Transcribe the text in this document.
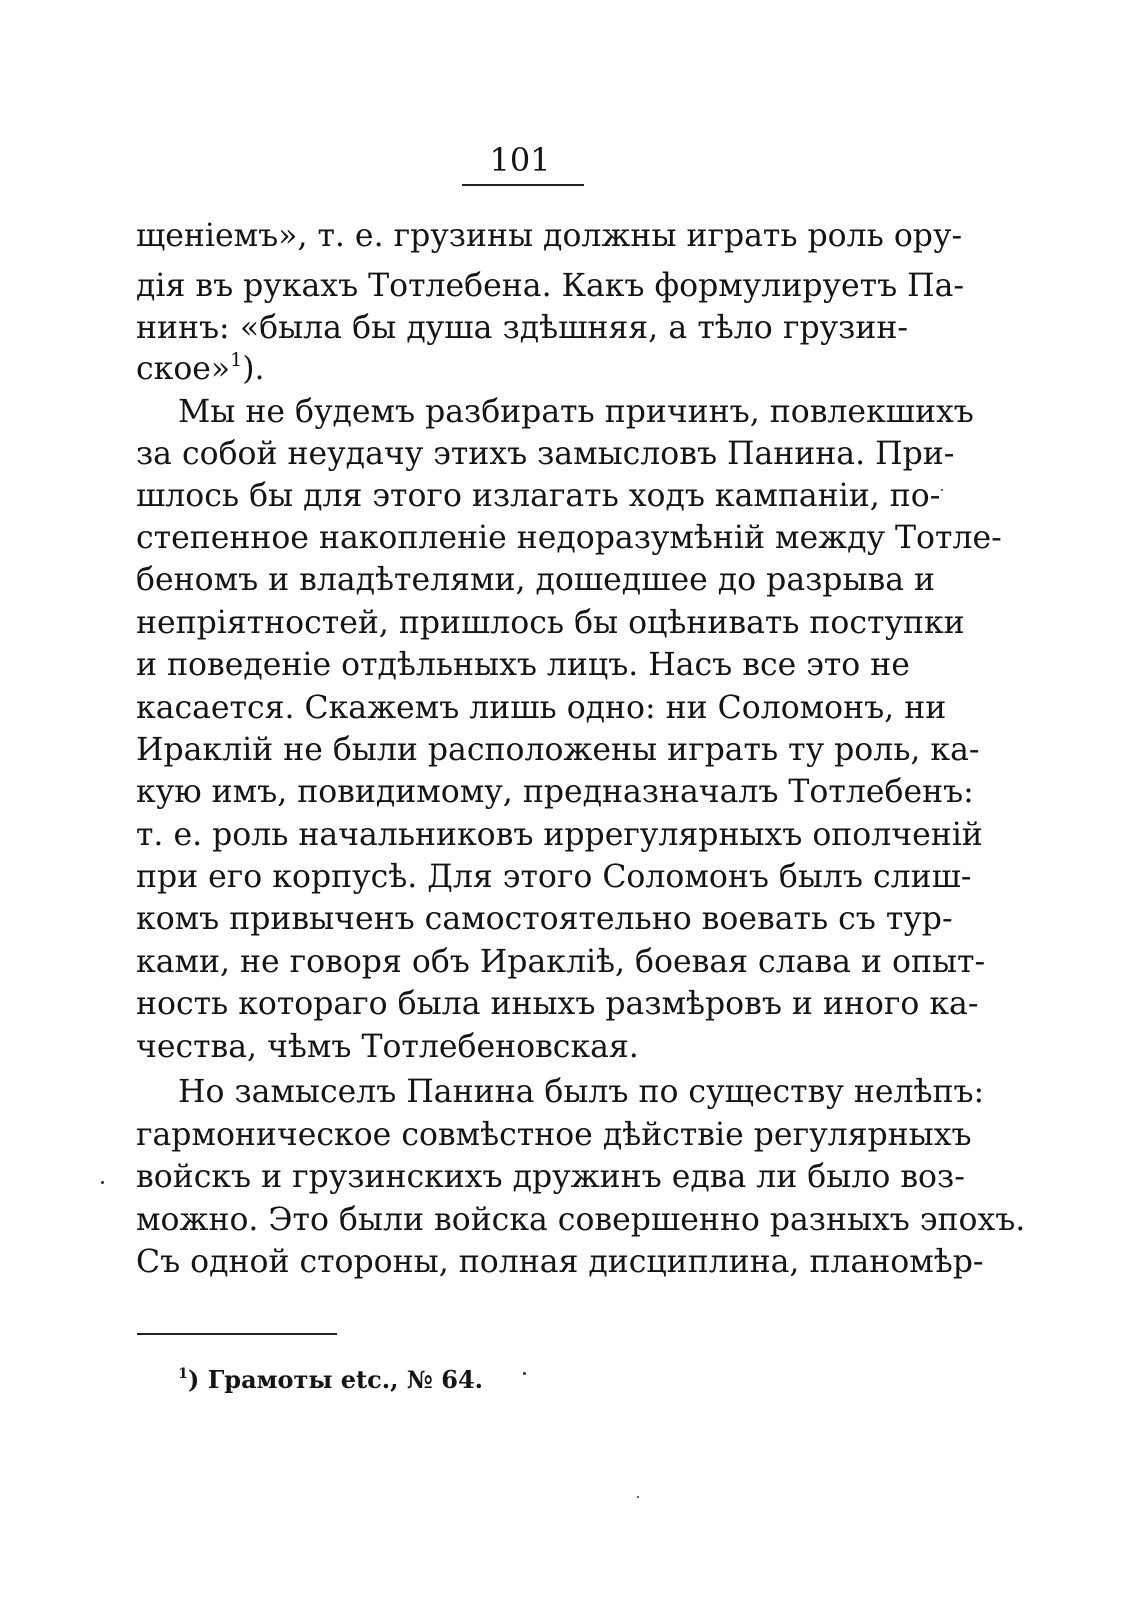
101
щеніемъ», т. е. грузины должны играть роль ору-
дія въ рукахъ Тотлебена. Какъ формулируетъ Па-
нинъ: «была бы душа здѣшняя, а тѣло грузин-
ское»$^1$).
Мы не будемъ разбирать причинъ, повлекшихъ
за собой неудачу этихъ замысловъ Панина. При-
шлось бы для этого излагать ходъ кампаніи, по-
степенное накопленіе недоразумѣній между Тотле-
беномъ и владѣтелями, дошедшее до разрыва и
непріятностей, пришлось бы оцѣнивать поступки
и поведеніе отдѣльныхъ лицъ. Насъ все это не
касается. Скажемъ лишь одно: ни Соломонъ, ни
Ираклій не были расположены играть ту роль, ка-
кую имъ, повидимому, предназначалъ Тотлебенъ:
т. е. роль начальниковъ иррегулярныхъ ополченій
при его корпусѣ. Для этого Соломонъ былъ слиш-
комъ привыченъ самостоятельно воевать съ тур-
ками, не говоря объ Ираклiѣ, боевая слава и опыт-
ность котораго была иныхъ размѣровъ и иного ка-
чества, чѣмъ Тотлебеновская.
Но замыселъ Панина былъ по существу нелѣпъ:
гармоническое совмѣстное дѣйствіе регулярныхъ
войскъ и грузинскихъ дружинъ едва ли было воз-
можно. Это были войска совершенно разныхъ эпохъ.
Съ одной стороны, полная дисциплина, планомѣр-
$^1$) Грамоты etc., № 64.
